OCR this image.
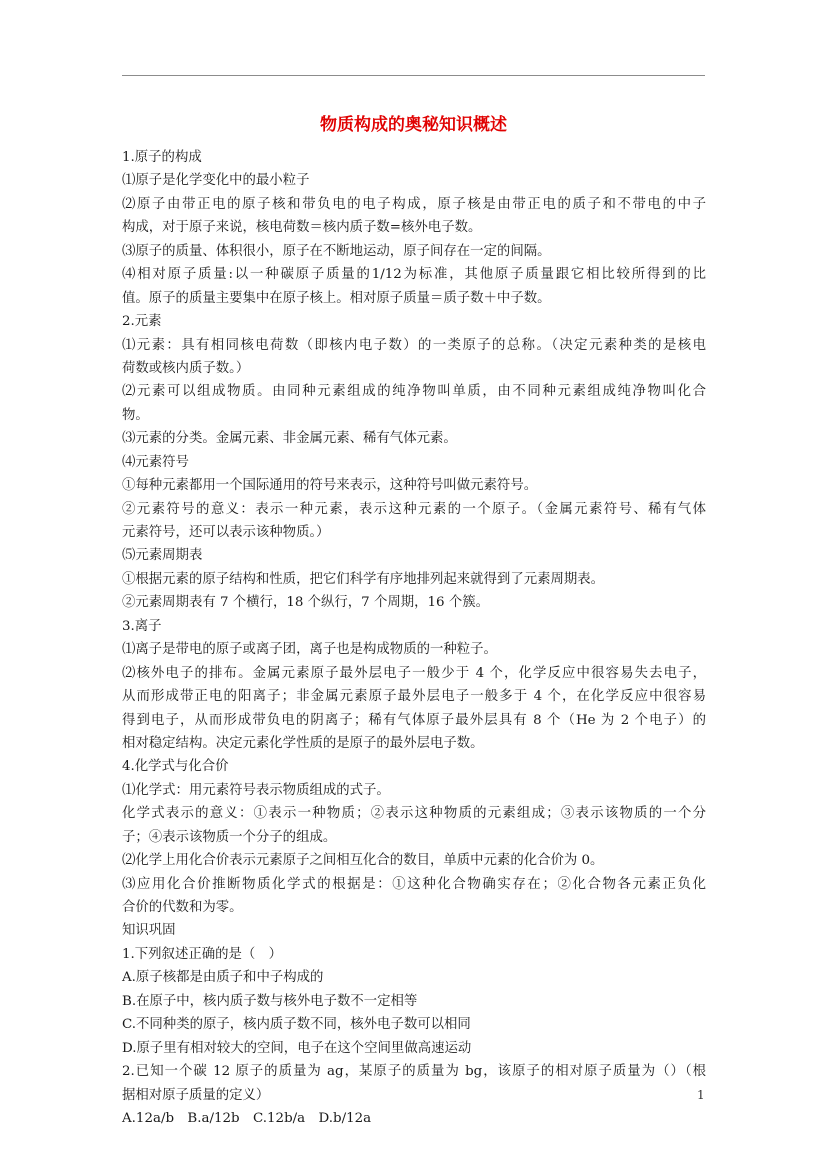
物质构成的奥秘知识概述
1.原子的构成
⑴原子是化学变化中的最小粒子
⑵原子由带正电的原子核和带负电的电子构成，原子核是由带正电的质子和不带电的中子
构成，对于原子来说，核电荷数＝核内质子数=核外电子数。
⑶原子的质量、体积很小，原子在不断地运动，原子间存在一定的间隔。
⑷相对原子质量:以一种碳原子质量的1/12为标准，其他原子质量跟它相比较所得到的比
值。原子的质量主要集中在原子核上。相对原子质量＝质子数＋中子数。
2.元素
⑴元素：具有相同核电荷数（即核内电子数）的一类原子的总称。（决定元素种类的是核电
荷数或核内质子数。）
⑵元素可以组成物质。由同种元素组成的纯净物叫单质，由不同种元素组成纯净物叫化合
物。
⑶元素的分类。金属元素、非金属元素、稀有气体元素。
⑷元素符号
①每种元素都用一个国际通用的符号来表示，这种符号叫做元素符号。
②元素符号的意义：表示一种元素，表示这种元素的一个原子。（金属元素符号、稀有气体
元素符号，还可以表示该种物质。）
⑸元素周期表
①根据元素的原子结构和性质，把它们科学有序地排列起来就得到了元素周期表。
②元素周期表有 7 个横行，18 个纵行，7 个周期，16 个簇。
3.离子
⑴离子是带电的原子或离子团，离子也是构成物质的一种粒子。
⑵核外电子的排布。金属元素原子最外层电子一般少于 4 个，化学反应中很容易失去电子，
从而形成带正电的阳离子；非金属元素原子最外层电子一般多于 4 个，在化学反应中很容易
得到电子，从而形成带负电的阴离子；稀有气体原子最外层具有 8 个（He 为 2 个电子）的
相对稳定结构。决定元素化学性质的是原子的最外层电子数。
4.化学式与化合价
⑴化学式：用元素符号表示物质组成的式子。
化学式表示的意义：①表示一种物质；②表示这种物质的元素组成；③表示该物质的一个分
子；④表示该物质一个分子的组成。
⑵化学上用化合价表示元素原子之间相互化合的数目，单质中元素的化合价为 0。
⑶应用化合价推断物质化学式的根据是：①这种化合物确实存在；②化合物各元素正负化
合价的代数和为零。
知识巩固
1.下列叙述正确的是（　）
A.原子核都是由质子和中子构成的
B.在原子中，核内质子数与核外电子数不一定相等
C.不同种类的原子，核内质子数不同，核外电子数可以相同
D.原子里有相对较大的空间，电子在这个空间里做高速运动
2.已知一个碳 12 原子的质量为 ag，某原子的质量为 bg，该原子的相对原子质量为（）（根
据相对原子质量的定义）
A.12a/b　B.a/12b　C.12b/a　D.b/12a
1
